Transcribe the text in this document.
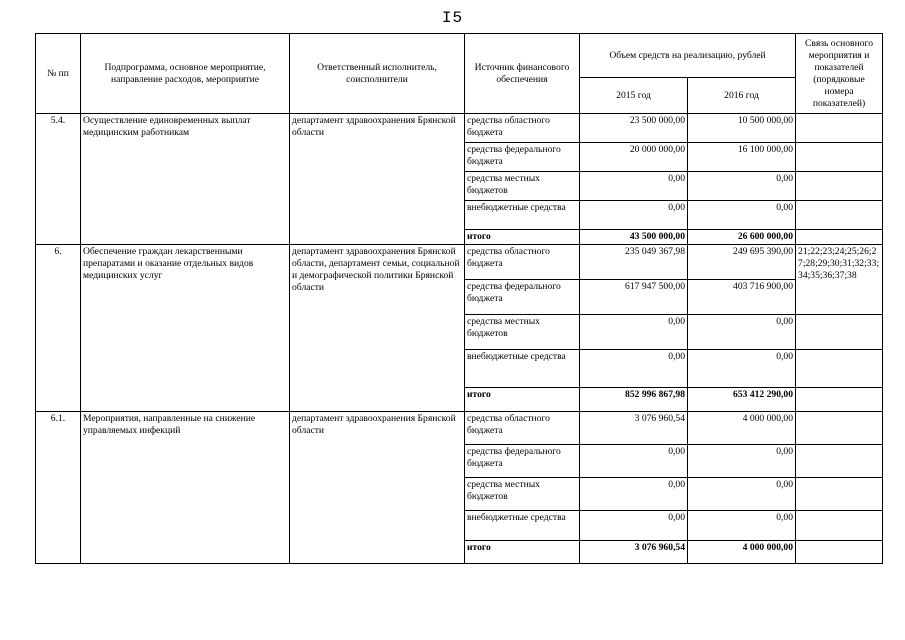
I5
№ пп	Подпрограмма, основное мероприятие, направление расходов, мероприятие	Ответственный исполнитель, соисполнители	Источник финансового обеспечения	Объем средств на реализацию, рублей		Связь основного мероприятия и показателей (порядковые номера показателей)
				2015 год	2016 год	
5.4.	Осуществление единовременных выплат медицинским работникам	департамент здравоохранения Брянской области	средства областного бюджета	23 500 000,00	10 500 000,00	
			средства федерального бюджета	20 000 000,00	16 100 000,00	
			средства местных бюджетов	0,00	0,00	
			внебюджетные средства	0,00	0,00	
			итого	43 500 000,00	26 600 000,00	
6.	Обеспечение граждан лекарственными препаратами и оказание отдельных видов медицинских услуг	департамент здравоохранения Брянской области, департамент семьи, социальной и демографической политики Брянской области	средства областного бюджета	235 049 367,98	249 695 390,00	21;22;23;24;25;26;27;28;29;30;31;32;33;34;35;36;37;38
			средства федерального бюджета	617 947 500,00	403 716 900,00	
			средства местных бюджетов	0,00	0,00	
			внебюджетные средства	0,00	0,00	
			итого	852 996 867,98	653 412 290,00	
6.1.	Мероприятия, направленные на снижение управляемых инфекций	департамент здравоохранения Брянской области	средства областного бюджета	3 076 960,54	4 000 000,00	
			средства федерального бюджета	0,00	0,00	
			средства местных бюджетов	0,00	0,00	
			внебюджетные средства	0,00	0,00	
			итого	3 076 960,54	4 000 000,00	
